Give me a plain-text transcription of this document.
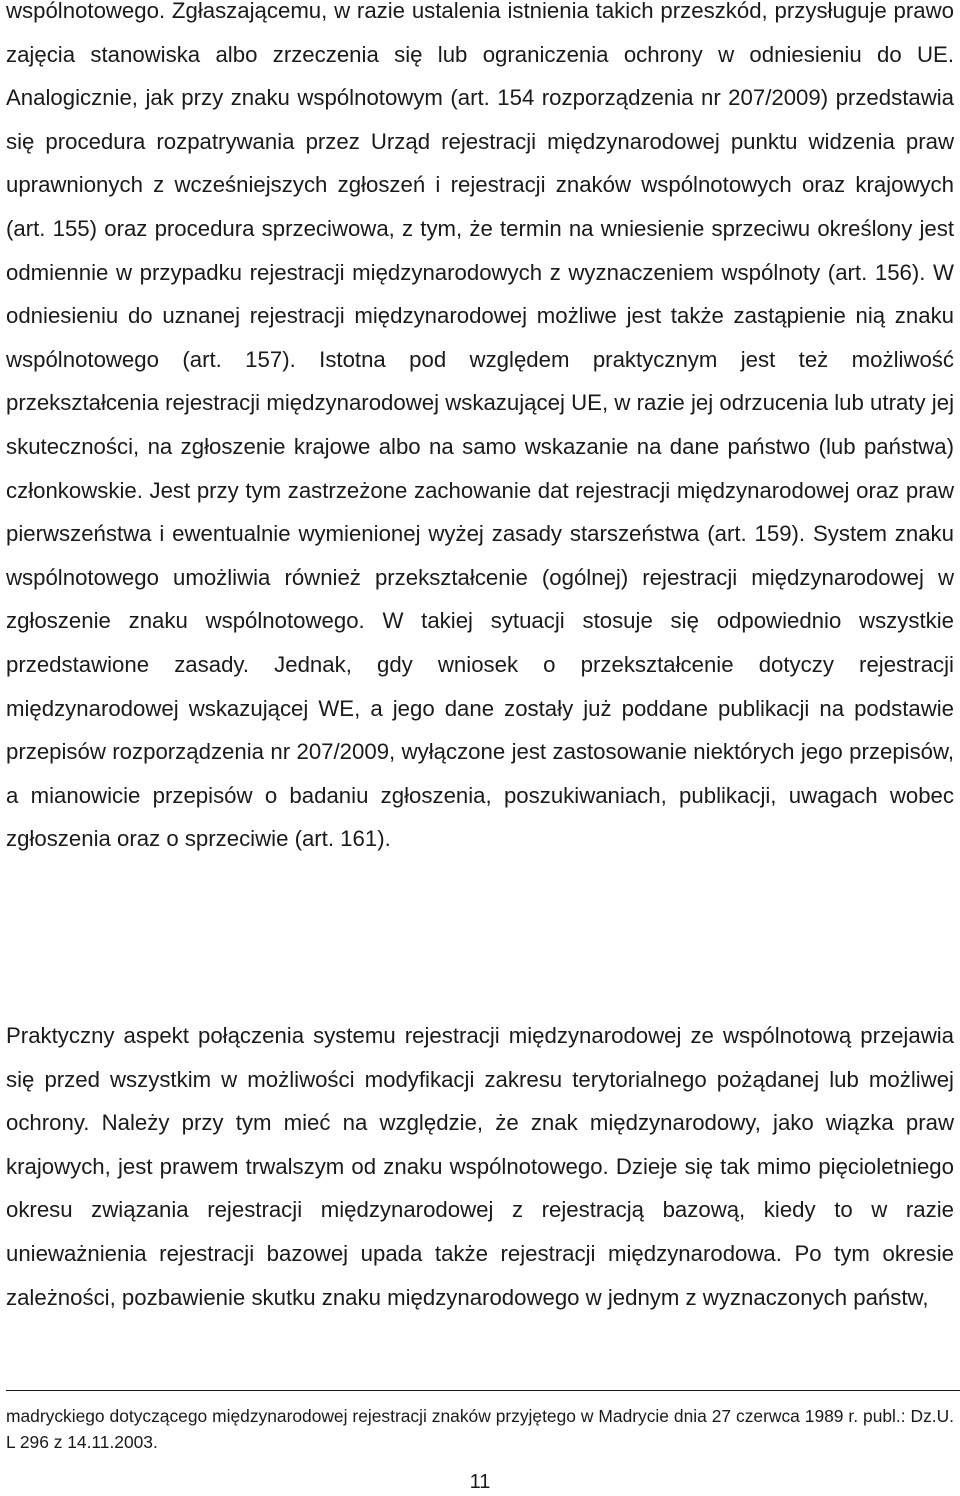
wspólnotowego. Zgłaszającemu, w razie ustalenia istnienia takich przeszkód, przysługuje prawo zajęcia stanowiska albo zrzeczenia się lub ograniczenia ochrony w odniesieniu do UE. Analogicznie, jak przy znaku wspólnotowym (art. 154 rozporządzenia nr 207/2009) przedstawia się procedura rozpatrywania przez Urząd rejestracji międzynarodowej punktu widzenia praw uprawnionych z wcześniejszych zgłoszeń i rejestracji znaków wspólnotowych oraz krajowych (art. 155) oraz procedura sprzeciwowa, z tym, że termin na wniesienie sprzeciwu określony jest odmiennie w przypadku rejestracji międzynarodowych z wyznaczeniem wspólnoty (art. 156). W odniesieniu do uznanej rejestracji międzynarodowej możliwe jest także zastąpienie nią znaku wspólnotowego (art. 157). Istotna pod względem praktycznym jest też możliwość przekształcenia rejestracji międzynarodowej wskazującej UE, w razie jej odrzucenia lub utraty jej skuteczności, na zgłoszenie krajowe albo na samo wskazanie na dane państwo (lub państwa) członkowskie. Jest przy tym zastrzeżone zachowanie dat rejestracji międzynarodowej oraz praw pierwszeństwa i ewentualnie wymienionej wyżej zasady starszeństwa (art. 159). System znaku wspólnotowego umożliwia również przekształcenie (ogólnej) rejestracji międzynarodowej w zgłoszenie znaku wspólnotowego. W takiej sytuacji stosuje się odpowiednio wszystkie przedstawione zasady. Jednak, gdy wniosek o przekształcenie dotyczy rejestracji międzynarodowej wskazującej WE, a jego dane zostały już poddane publikacji na podstawie przepisów rozporządzenia nr 207/2009, wyłączone jest zastosowanie niektórych jego przepisów, a mianowicie przepisów o badaniu zgłoszenia, poszukiwaniach, publikacji, uwagach wobec zgłoszenia oraz o sprzeciwie (art. 161).

Praktyczny aspekt połączenia systemu rejestracji międzynarodowej ze wspólnotową przejawia się przed wszystkim w możliwości modyfikacji zakresu terytorialnego pożądanej lub możliwej ochrony. Należy przy tym mieć na względzie, że znak międzynarodowy, jako wiązka praw krajowych, jest prawem trwalszym od znaku wspólnotowego. Dzieje się tak mimo pięcioletniego okresu związania rejestracji międzynarodowej z rejestracją bazową, kiedy to w razie unieważnienia rejestracji bazowej upada także rejestracji międzynarodowa. Po tym okresie zależności, pozbawienie skutku znaku międzynarodowego w jednym z wyznaczonych państw,

madryckiego dotyczącego międzynarodowej rejestracji znaków przyjętego w Madrycie dnia 27 czerwca 1989 r. publ.: Dz.U. L 296 z 14.11.2003.

11
